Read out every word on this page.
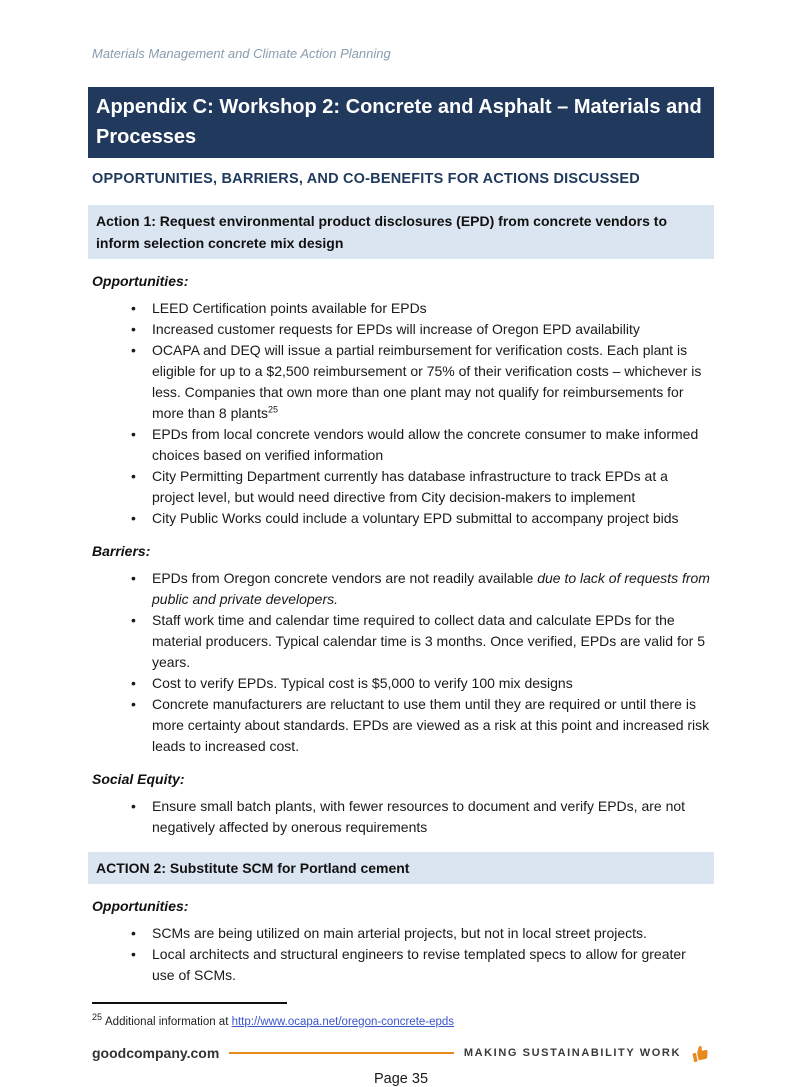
Materials Management and Climate Action Planning

Appendix C: Workshop 2: Concrete and Asphalt – Materials and Processes
OPPORTUNITIES, BARRIERS, AND CO-BENEFITS FOR ACTIONS DISCUSSED
Action 1: Request environmental product disclosures (EPD) from concrete vendors to inform selection concrete mix design
Opportunities:
• LEED Certification points available for EPDs
• Increased customer requests for EPDs will increase of Oregon EPD availability
• OCAPA and DEQ will issue a partial reimbursement for verification costs. Each plant is eligible for up to a $2,500 reimbursement or 75% of their verification costs – whichever is less. Companies that own more than one plant may not qualify for reimbursements for more than 8 plants$^{25}$
• EPDs from local concrete vendors would allow the concrete consumer to make informed choices based on verified information
• City Permitting Department currently has database infrastructure to track EPDs at a project level, but would need directive from City decision-makers to implement
• City Public Works could include a voluntary EPD submittal to accompany project bids
Barriers:
• EPDs from Oregon concrete vendors are not readily available due to lack of requests from public and private developers.
• Staff work time and calendar time required to collect data and calculate EPDs for the material producers. Typical calendar time is 3 months. Once verified, EPDs are valid for 5 years.
• Cost to verify EPDs. Typical cost is $5,000 to verify 100 mix designs
• Concrete manufacturers are reluctant to use them until they are required or until there is more certainty about standards. EPDs are viewed as a risk at this point and increased risk leads to increased cost.
Social Equity:
• Ensure small batch plants, with fewer resources to document and verify EPDs, are not negatively affected by onerous requirements
ACTION 2: Substitute SCM for Portland cement
Opportunities:
• SCMs are being utilized on main arterial projects, but not in local street projects.
• Local architects and structural engineers to revise templated specs to allow for greater use of SCMs.

$^{25}$ Additional information at http://www.ocapa.net/oregon-concrete-epds

goodcompany.com	MAKING SUSTAINABILITY WORK
Page 35
